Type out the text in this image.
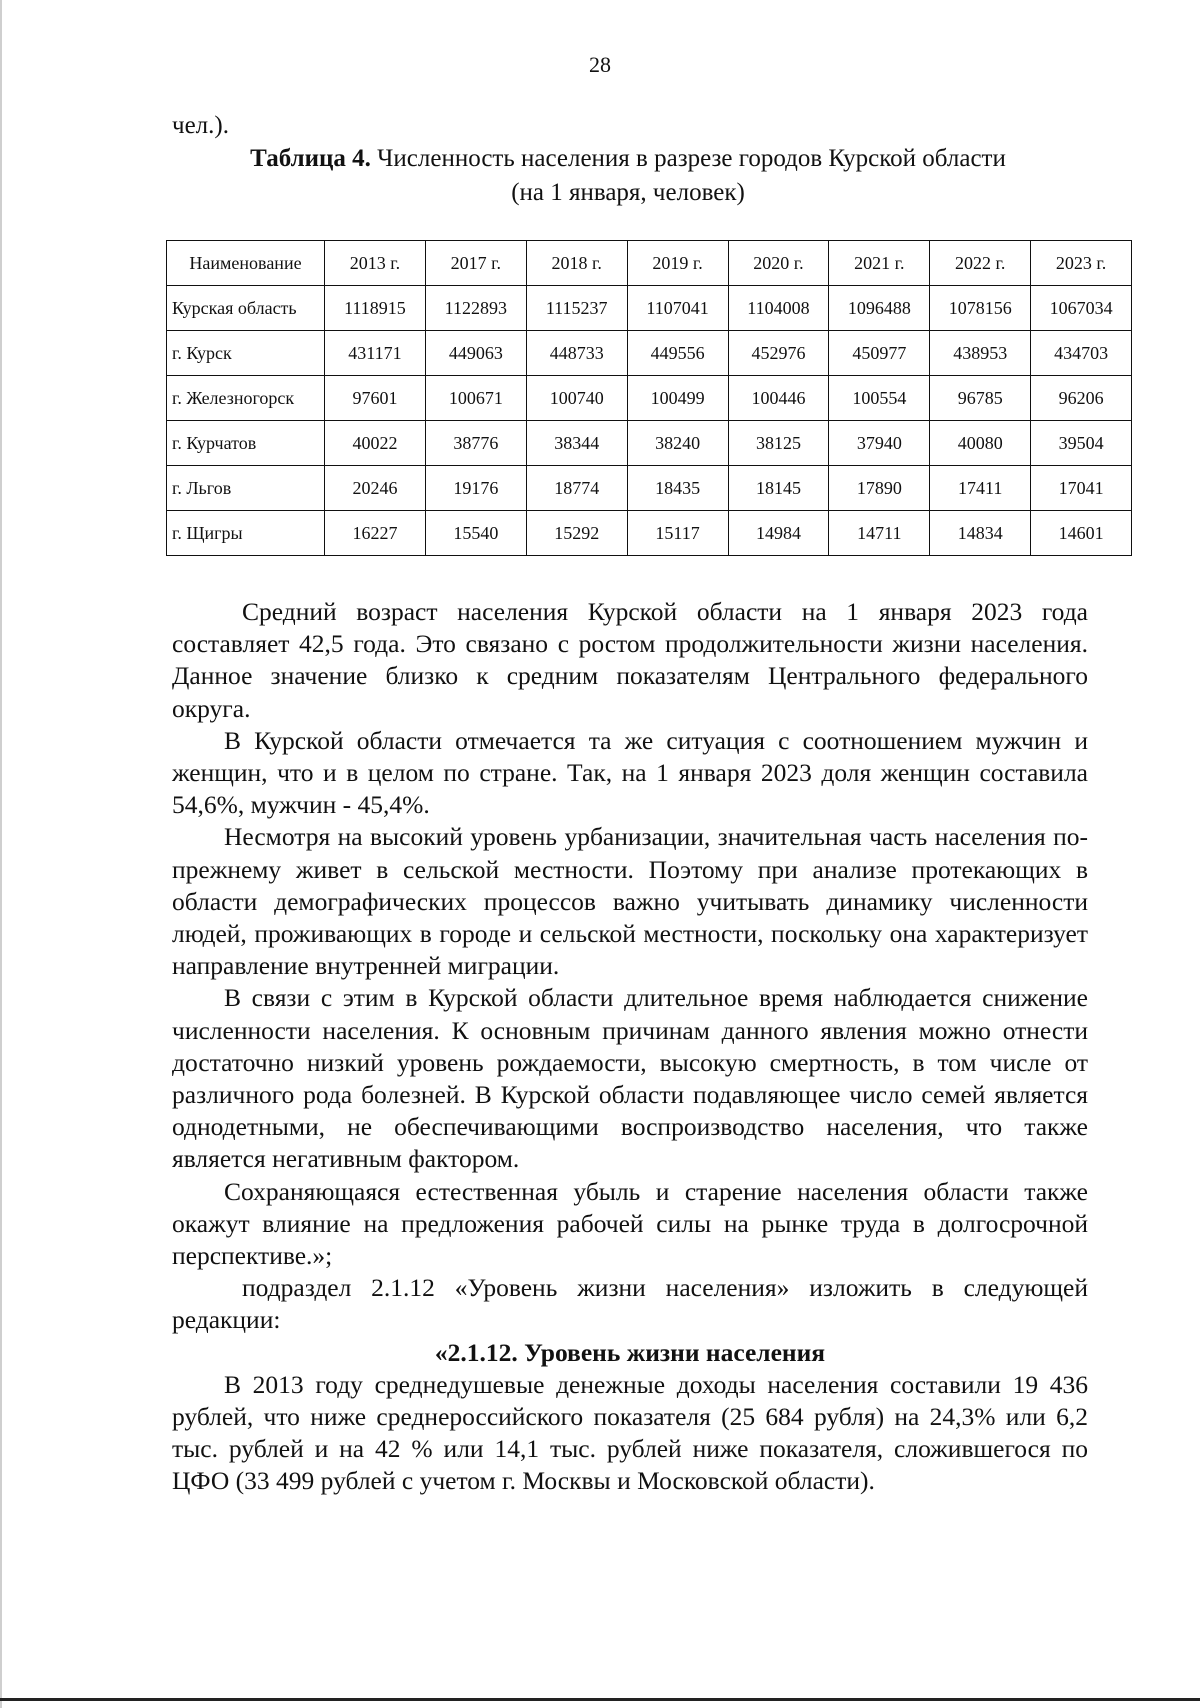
28
чел.).
Таблица 4. Численность населения в разрезе городов Курской области
(на 1 января, человек)
Наименование	2013 г.	2017 г.	2018 г.	2019 г.	2020 г.	2021 г.	2022 г.	2023 г.
Курская область	1118915	1122893	1115237	1107041	1104008	1096488	1078156	1067034
г. Курск	431171	449063	448733	449556	452976	450977	438953	434703
г. Железногорск	97601	100671	100740	100499	100446	100554	96785	96206
г. Курчатов	40022	38776	38344	38240	38125	37940	40080	39504
г. Льгов	20246	19176	18774	18435	18145	17890	17411	17041
г. Щигры	16227	15540	15292	15117	14984	14711	14834	14601

Средний возраст населения Курской области на 1 января 2023 года составляет 42,5 года. Это связано с ростом продолжительности жизни населения. Данное значение близко к средним показателям Центрального федерального округа.

В Курской области отмечается та же ситуация с соотношением мужчин и женщин, что и в целом по стране. Так, на 1 января 2023 доля женщин составила 54,6%, мужчин - 45,4%.

Несмотря на высокий уровень урбанизации, значительная часть населения по-прежнему живет в сельской местности. Поэтому при анализе протекающих в области демографических процессов важно учитывать динамику численности людей, проживающих в городе и сельской местности, поскольку она характеризует направление внутренней миграции.

В связи с этим в Курской области длительное время наблюдается снижение численности населения. К основным причинам данного явления можно отнести достаточно низкий уровень рождаемости, высокую смертность, в том числе от различного рода болезней. В Курской области подавляющее число семей является однодетными, не обеспечивающими воспроизводство населения, что также является негативным фактором.

Сохраняющаяся естественная убыль и старение населения области также окажут влияние на предложения рабочей силы на рынке труда в долгосрочной перспективе.»;

подраздел 2.1.12 «Уровень жизни населения» изложить в следующей редакции:

«2.1.12. Уровень жизни населения

В 2013 году среднедушевые денежные доходы населения составили 19 436 рублей, что ниже среднероссийского показателя (25 684 рубля) на 24,3% или 6,2 тыс. рублей и на 42 % или 14,1 тыс. рублей ниже показателя, сложившегося по ЦФО (33 499 рублей с учетом г. Москвы и Московской области).
